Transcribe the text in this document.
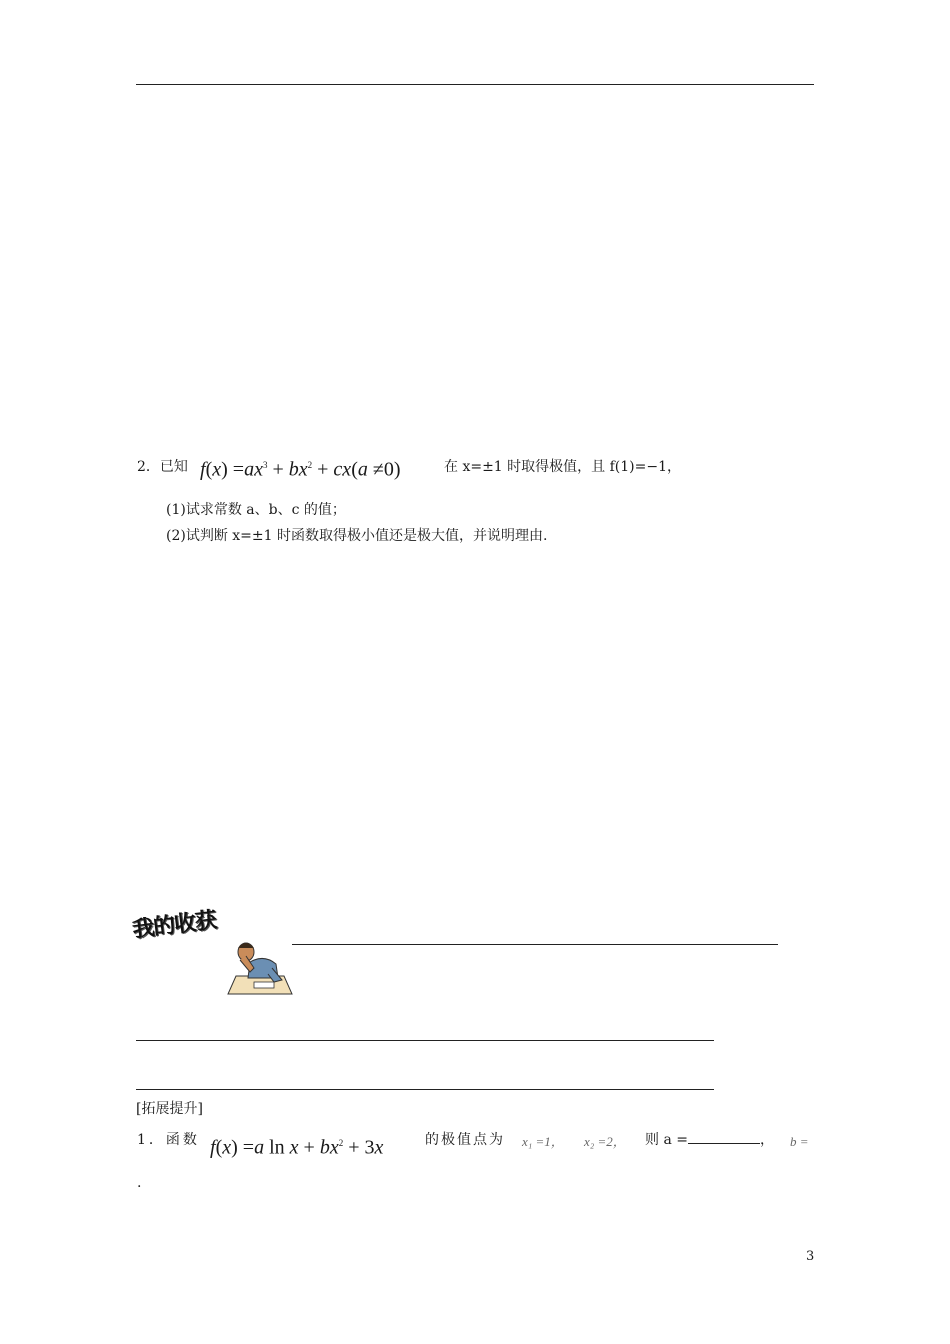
2．已知 $f(x) =ax^3 + bx^2 + cx(a \ne 0)$	在 x=±1 时取得极值，且 f(1)=−1，
(1)试求常数 a、b、c 的值；
(2)试判断 x=±1 时函数取得极小值还是极大值，并说明理由.
我的收获
[拓展提升]
1．函数 f(x) =a $\ln x + bx^2 + 3x$	的极值点为 x₁ =1， x₂ =2， 则 a =	， b =
.
3
